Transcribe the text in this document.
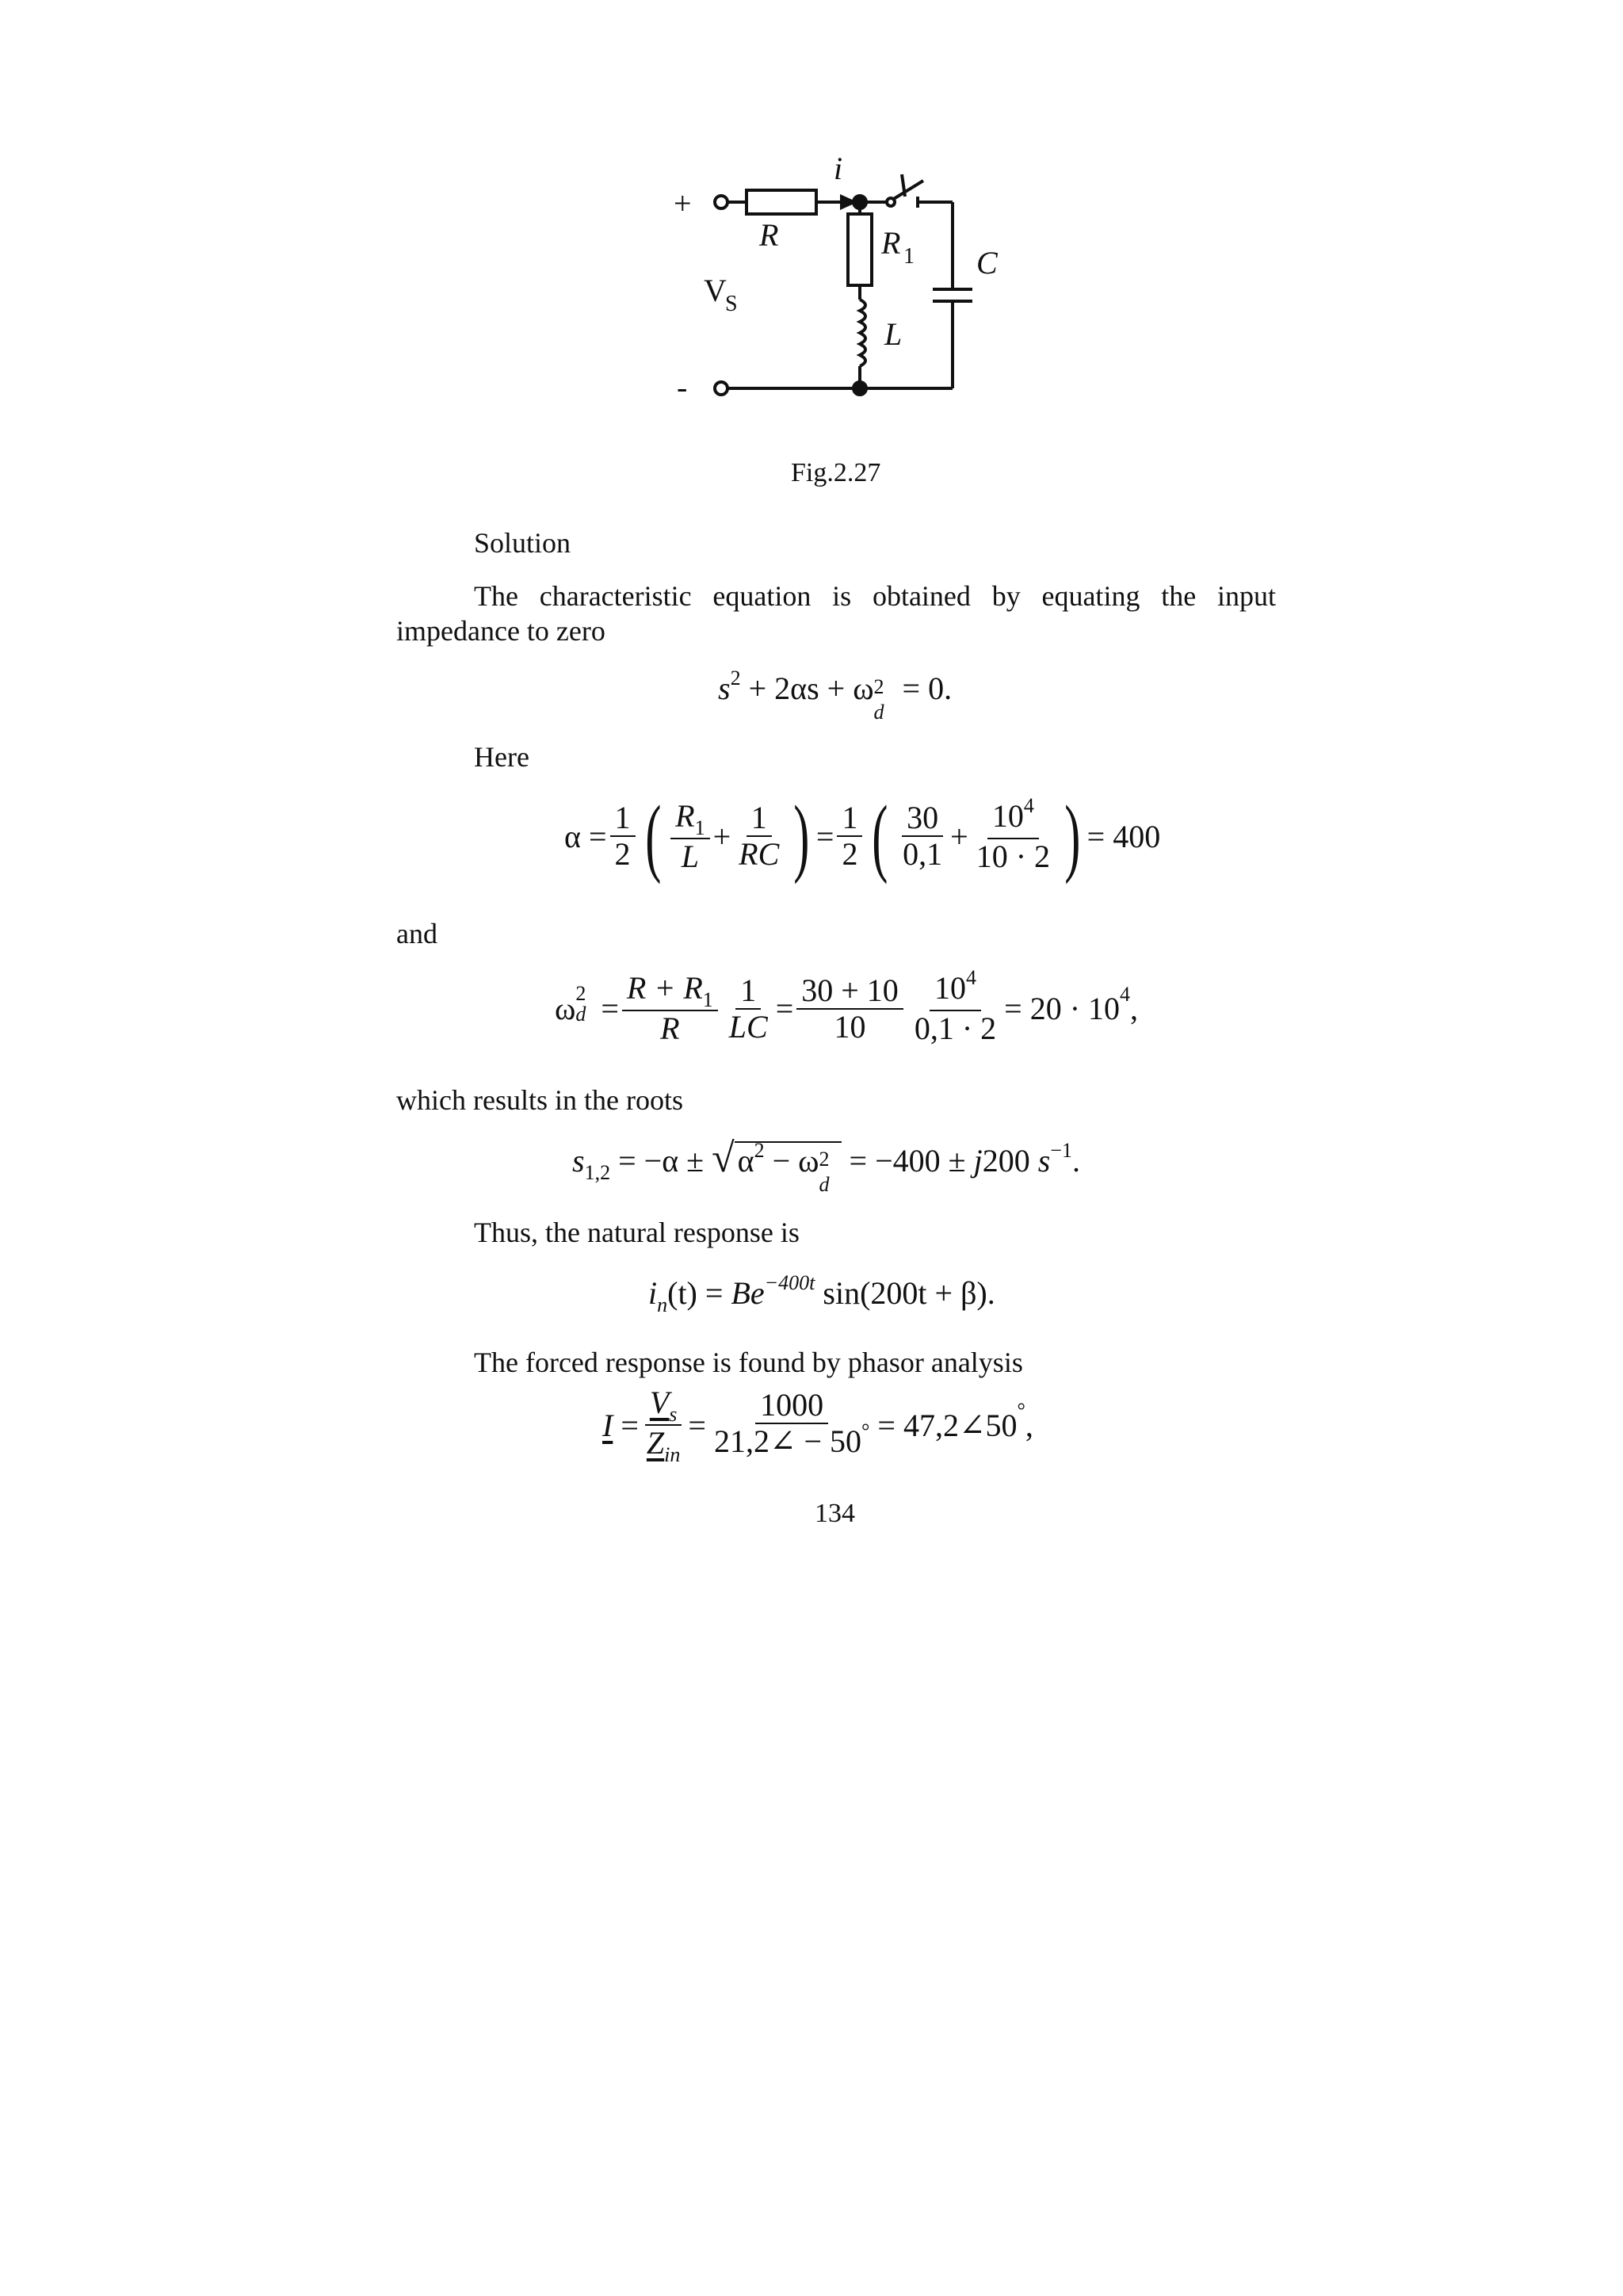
+
-
V
S
R	R 1 C
L
i
Fig.2.27
Solution
The characteristic equation is obtained by equating the input impedance to zero
$s^2 + 2\alpha s + \omega$ 2
d
= 0.
Here
$\alpha = \frac{1}{2}$ ( $\frac{R_1}{L} + \frac{1}{RC}$ ) = $\frac{1}{2}$ ( $\frac{30}{0,1} + \frac{10^4}{10 \cdot 2}$ ) = 400
and
ω 2
$d = \frac{R + R_1}{R} \frac{1}{LC} = \frac{30 + 10}{10} \frac{10^4}{0,1 \cdot 2} = 20 \cdot 10$ 4 ,
which results in the roots
$s_{1,2} = -\alpha$ ± √ $\alpha^2 - \omega$ 2
d
= −400 ± j200 $s^{-1}$.
Thus, the natural response is
$i_n(t) = Be^{-400t}$ sin(200t + β).
The forced response is found by phasor analysis
$I = \frac{V_s}{Z_{in}} = \frac{1000}{21,2\angle - 50^\circ}$ = 47,2∠50 ° ,
134
